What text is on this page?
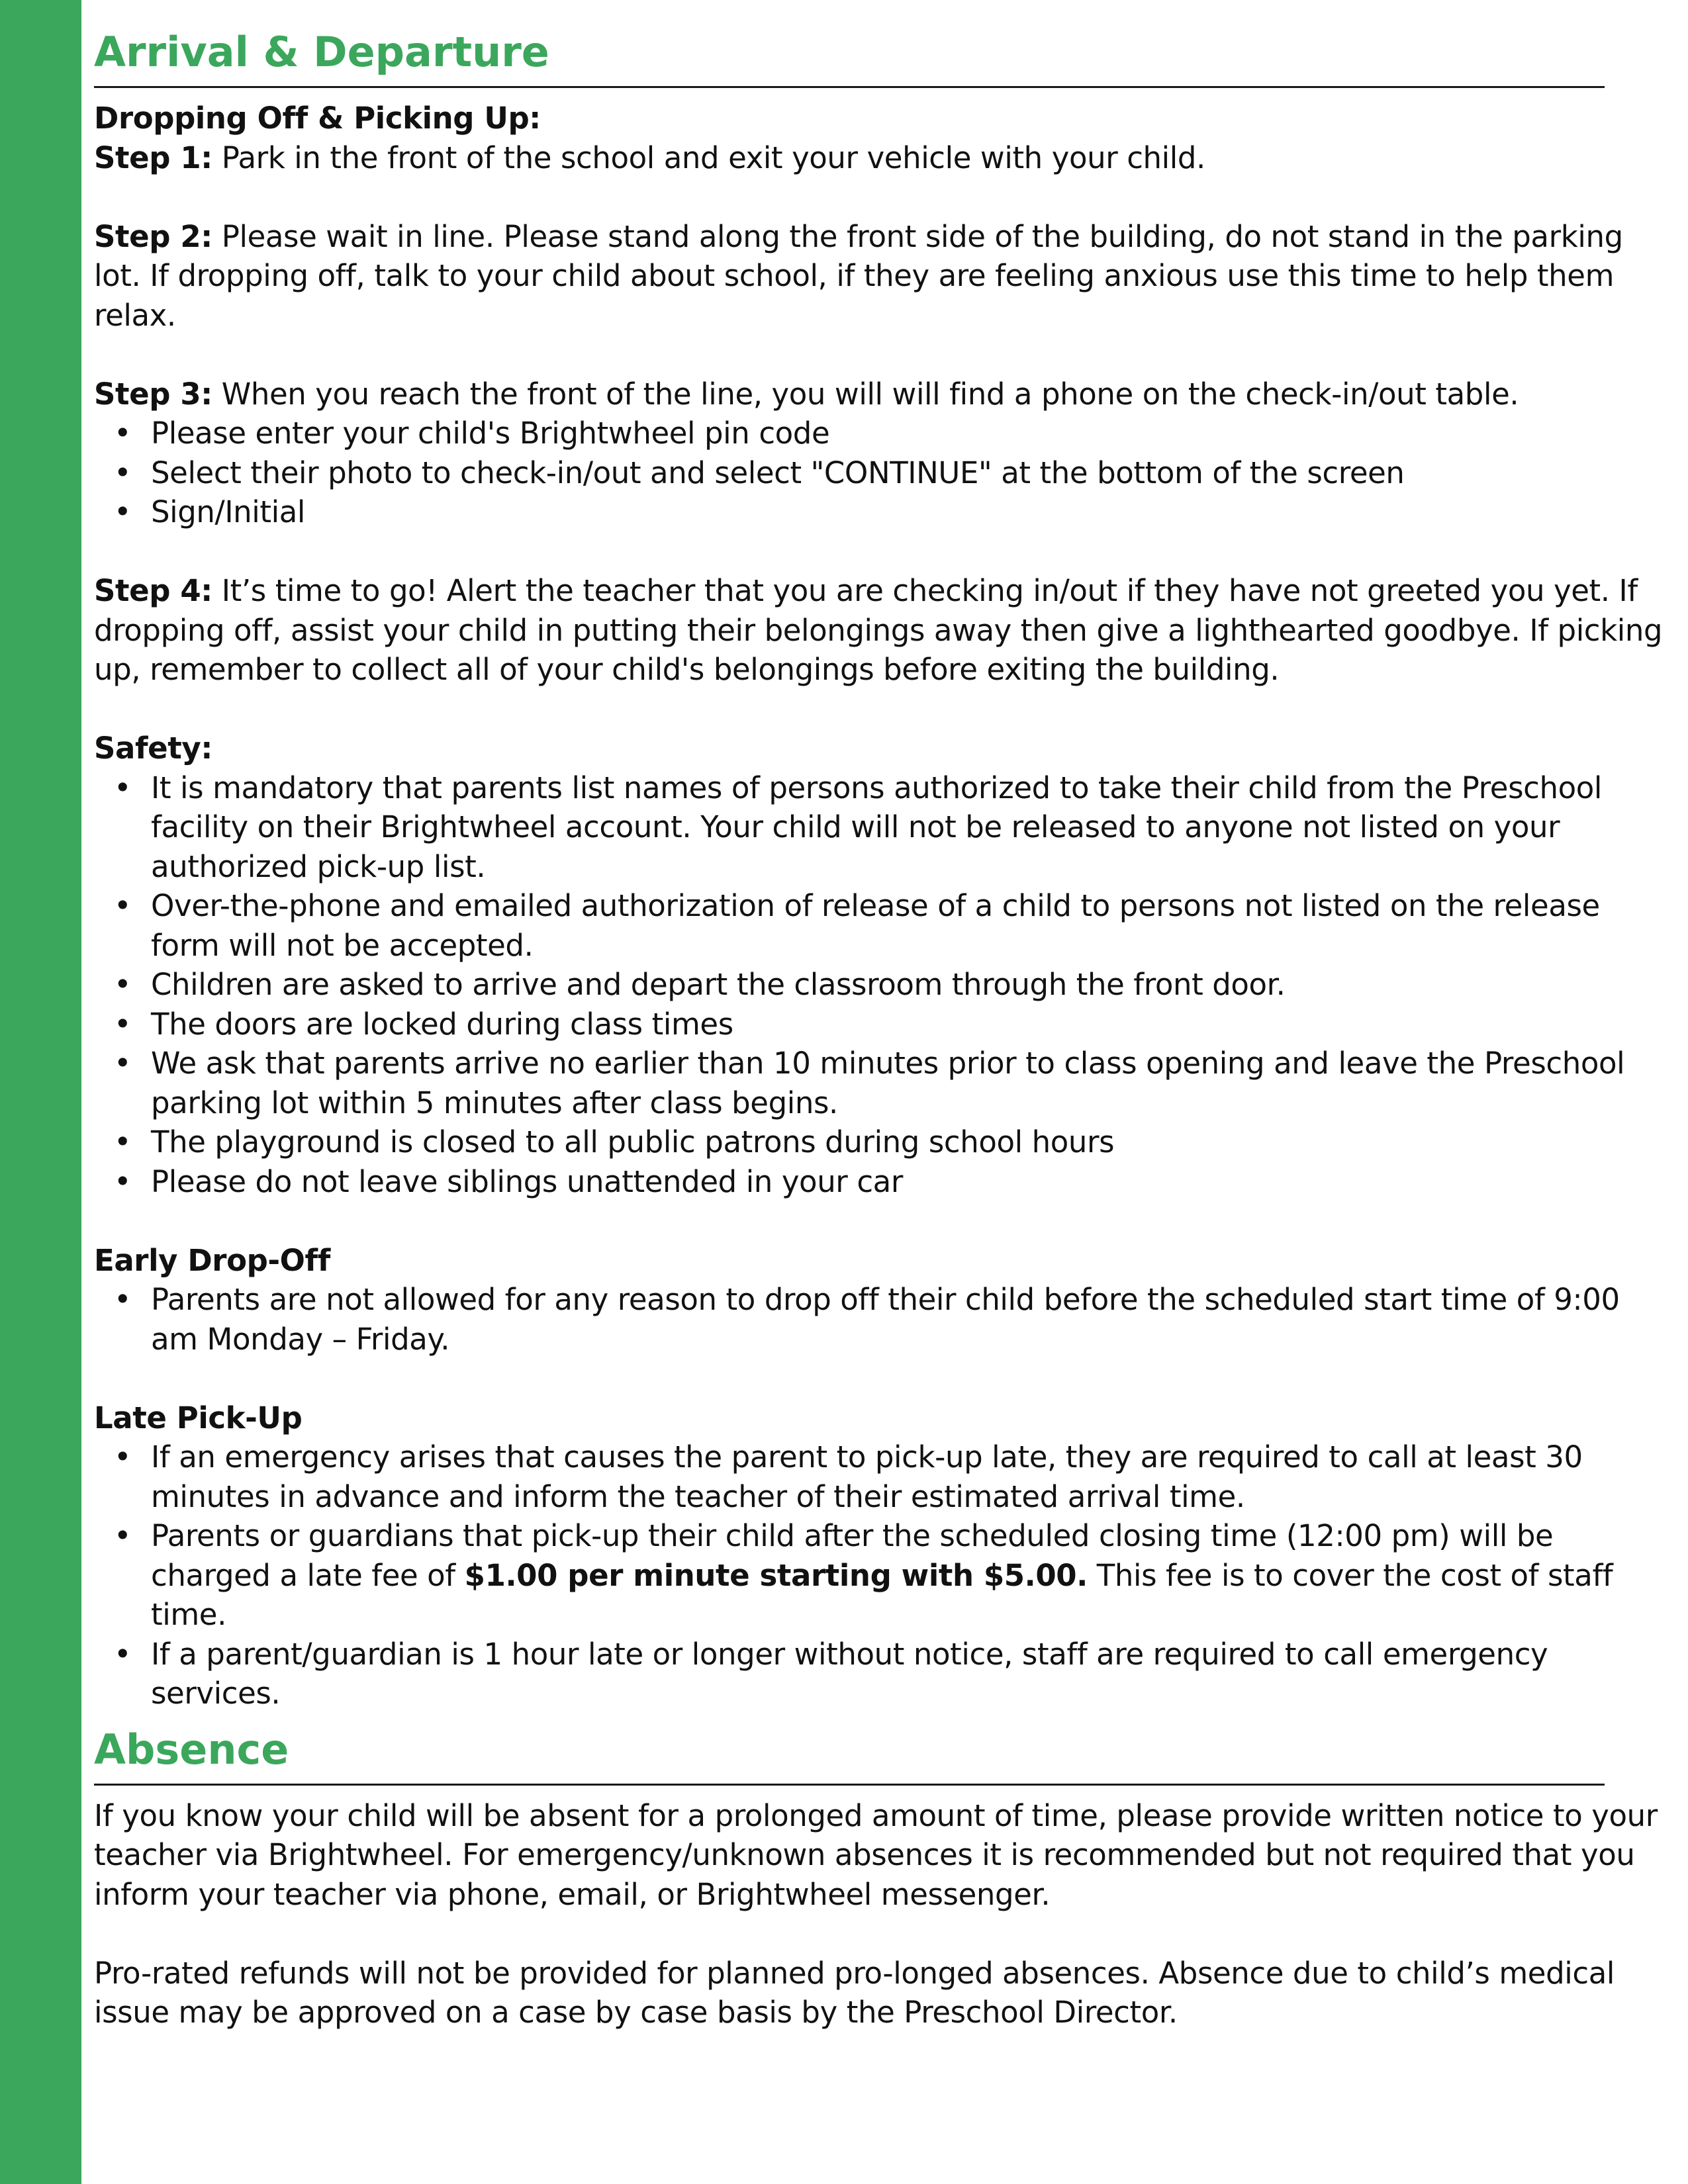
Arrival & Departure

Dropping Off & Picking Up:

Step 1: Park in the front of the school and exit your vehicle with your child.

Step 2: Please wait in line. Please stand along the front side of the building, do not stand in the parking lot. If dropping off, talk to your child about school, if they are feeling anxious use this time to help them relax.

Step 3: When you reach the front of the line, you will will find a phone on the check-in/out table.

• Please enter your child's Brightwheel pin code
• Select their photo to check-in/out and select "CONTINUE" at the bottom of the screen
• Sign/Initial

Step 4: It’s time to go! Alert the teacher that you are checking in/out if they have not greeted you yet. If dropping off, assist your child in putting their belongings away then give a lighthearted goodbye. If picking up, remember to collect all of your child's belongings before exiting the building.

Safety:

• It is mandatory that parents list names of persons authorized to take their child from the Preschool facility on their Brightwheel account. Your child will not be released to anyone not listed on your authorized pick-up list.
• Over-the-phone and emailed authorization of release of a child to persons not listed on the release form will not be accepted.
• Children are asked to arrive and depart the classroom through the front door.
• The doors are locked during class times
• We ask that parents arrive no earlier than 10 minutes prior to class opening and leave the Preschool parking lot within 5 minutes after class begins.
• The playground is closed to all public patrons during school hours
• Please do not leave siblings unattended in your car

Early Drop-Off

• Parents are not allowed for any reason to drop off their child before the scheduled start time of 9:00 am Monday – Friday.

Late Pick-Up

• If an emergency arises that causes the parent to pick-up late, they are required to call at least 30 minutes in advance and inform the teacher of their estimated arrival time.
• Parents or guardians that pick-up their child after the scheduled closing time (12:00 pm) will be charged a late fee of $1.00 per minute starting with $5.00. This fee is to cover the cost of staff time.
• If a parent/guardian is 1 hour late or longer without notice, staff are required to call emergency services.
Absence

If you know your child will be absent for a prolonged amount of time, please provide written notice to your teacher via Brightwheel. For emergency/unknown absences it is recommended but not required that you inform your teacher via phone, email, or Brightwheel messenger.

Pro-rated refunds will not be provided for planned pro-longed absences. Absence due to child’s medical issue may be approved on a case by case basis by the Preschool Director.
